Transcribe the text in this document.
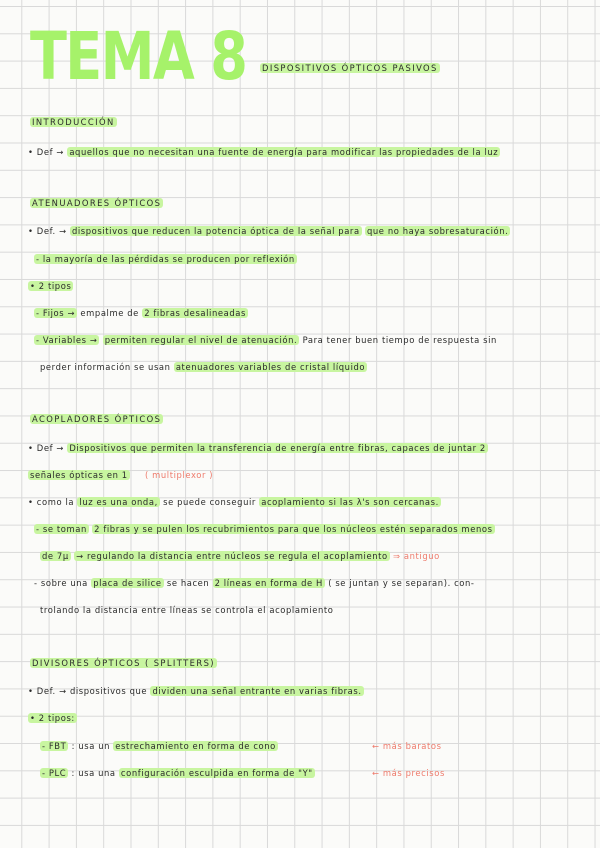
TEMA 8 DISPOSITIVOS ÓPTICOS PASIVOS
INTRODUCCIÓN
• Def → aquellos que no necesitan una fuente de energía para modificar las propiedades de la luz
ATENUADORES ÓPTICOS
• Def. → dispositivos que reducen la potencia óptica de la señal para que no haya sobresaturación.
- la mayoría de las pérdidas se producen por reflexión
• 2 tipos
- Fijos → empalme de 2 fibras desalineadas
- Variables → permiten regular el nivel de atenuación. Para tener buen tiempo de respuesta sin
perder información se usan atenuadores variables de cristal líquido
ACOPLADORES ÓPTICOS
• Def → Dispositivos que permiten la transferencia de energía entre fibras, capaces de juntar 2
señales ópticas en 1 ( multiplexor )
• como la luz es una onda, se puede conseguir acoplamiento si las λ's son cercanas.
- se toman 2 fibras y se pulen los recubrimientos para que los núcleos estén separados menos
de 7μ → regulando la distancia entre núcleos se regula el acoplamiento ⇒ antiguo
- sobre una placa de silice se hacen 2 líneas en forma de H ( se juntan y se separan). con-
trolando la distancia entre líneas se controla el acoplamiento
DIVISORES ÓPTICOS ( SPLITTERS)
• Def. → dispositivos que dividen una señal entrante en varias fibras.
• 2 tipos:
- FBT : usa un estrechamiento en forma de cono	← más baratos
- PLC : usa una configuración esculpida en forma de "Y"	← más precisos
